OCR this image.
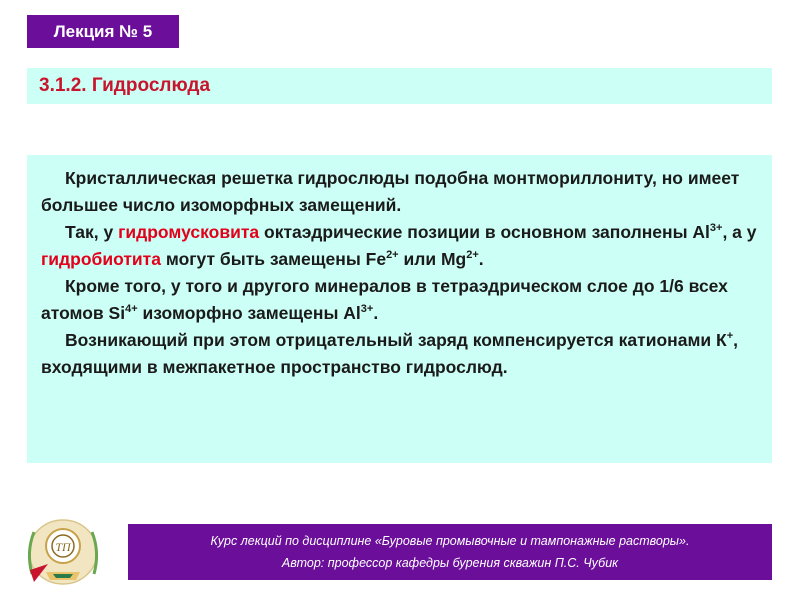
Лекция № 5
3.1.2. Гидрослюда

Кристаллическая решетка гидрослюды подобна монтмориллониту, но имеет большее число изоморфных замещений.

Так, у гидромусковита октаэдрические позиции в основном заполнены $Al^{3+}$, а у гидробиотита могут быть замещены $Fe^{2+}$ или $Mg^{2+}$.

Кроме того, у того и другого минералов в тетраэдрическом слое до 1/6 всех атомов $Si^{4+}$ изоморфно замещены $Al^{3+}$.

Возникающий при этом отрицательный заряд компенсируется катионами К+, входящими в межпакетное пространство гидрослюд.

ТП	Курс лекций по дисциплине «Буровые промывочные и тампонажные растворы».
Автор: профессор кафедры бурения скважин П.С. Чубик
